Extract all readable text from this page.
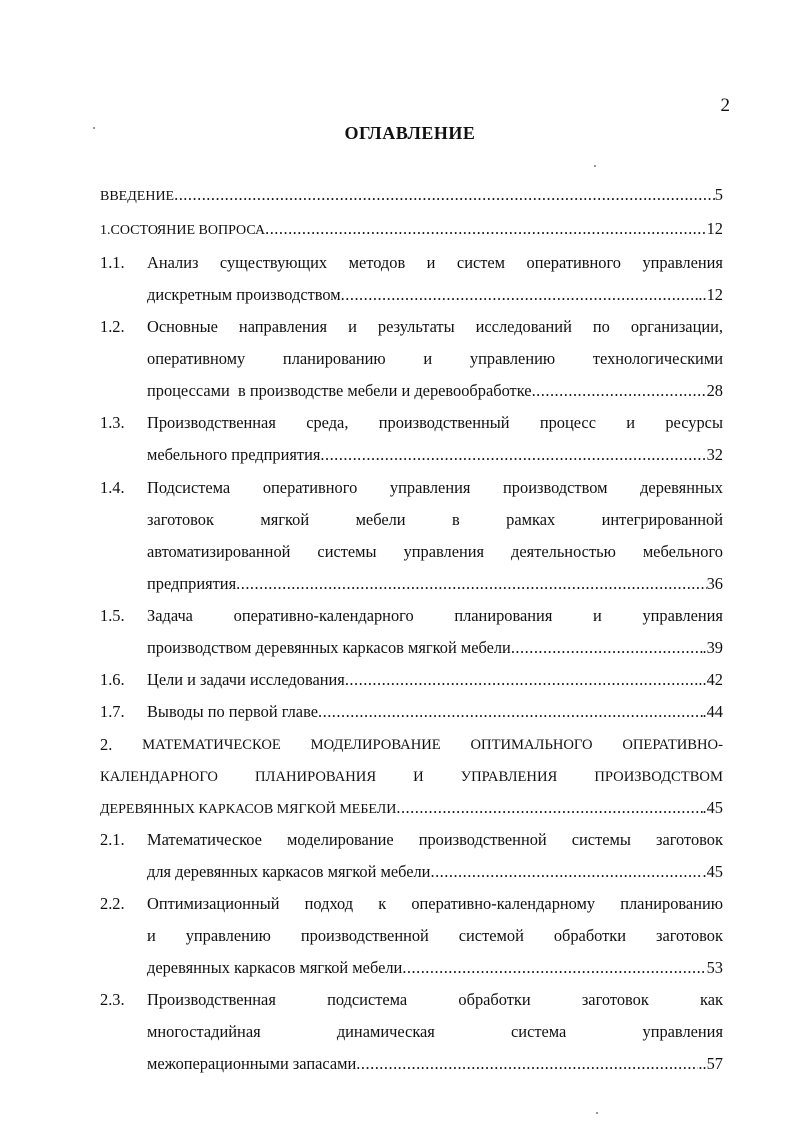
2
ОГЛАВЛЕНИЕ
ВВЕДЕНИЕ .....	5
1.СОСТОЯНИЕ ВОПРОСА .....	12
1.1. Анализ существующих методов и систем оперативного управления
дискретным производством .....	..12
1.2. Основные направления и результаты исследований по организации,
оперативному планированию и управлению технологическими
процессами  в производстве мебели и деревообработке .....	28
1.3. Производственная среда, производственный процесс и ресурсы
мебельного предприятия .....	32
1.4. Подсистема оперативного управления производством деревянных
заготовок	мягкой	мебели	в	рамках	интегрированной
автоматизированной системы управления деятельностью мебельного
предприятия .....	36
1.5. Задача оперативно-календарного планирования и управления
производством деревянных каркасов мягкой мебели .....	.39
1.6. Цели и задачи исследования .....	..42
1.7. Выводы по первой главе .....	.44
2. МАТЕМАТИЧЕСКОЕ МОДЕЛИРОВАНИЕ ОПТИМАЛЬНОГО ОПЕРАТИВНО-
КАЛЕНДАРНОГО	ПЛАНИРОВАНИЯ	И	УПРАВЛЕНИЯ	ПРОИЗВОДСТВОМ
ДЕРЕВЯННЫХ КАРКАСОВ МЯГКОЙ МЕБЕЛИ .....	.45
2.1. Математическое моделирование производственной системы заготовок
для деревянных каркасов мягкой мебели .....	.45
2.2. Оптимизационный подход к оперативно-календарному планированию
и управлению производственной системой обработки заготовок
деревянных каркасов мягкой мебели .....	53
2.3. Производственная	подсистема	обработки	заготовок	как
многостадийная	динамическая	система	управления
межоперационными запасами .....	..57
